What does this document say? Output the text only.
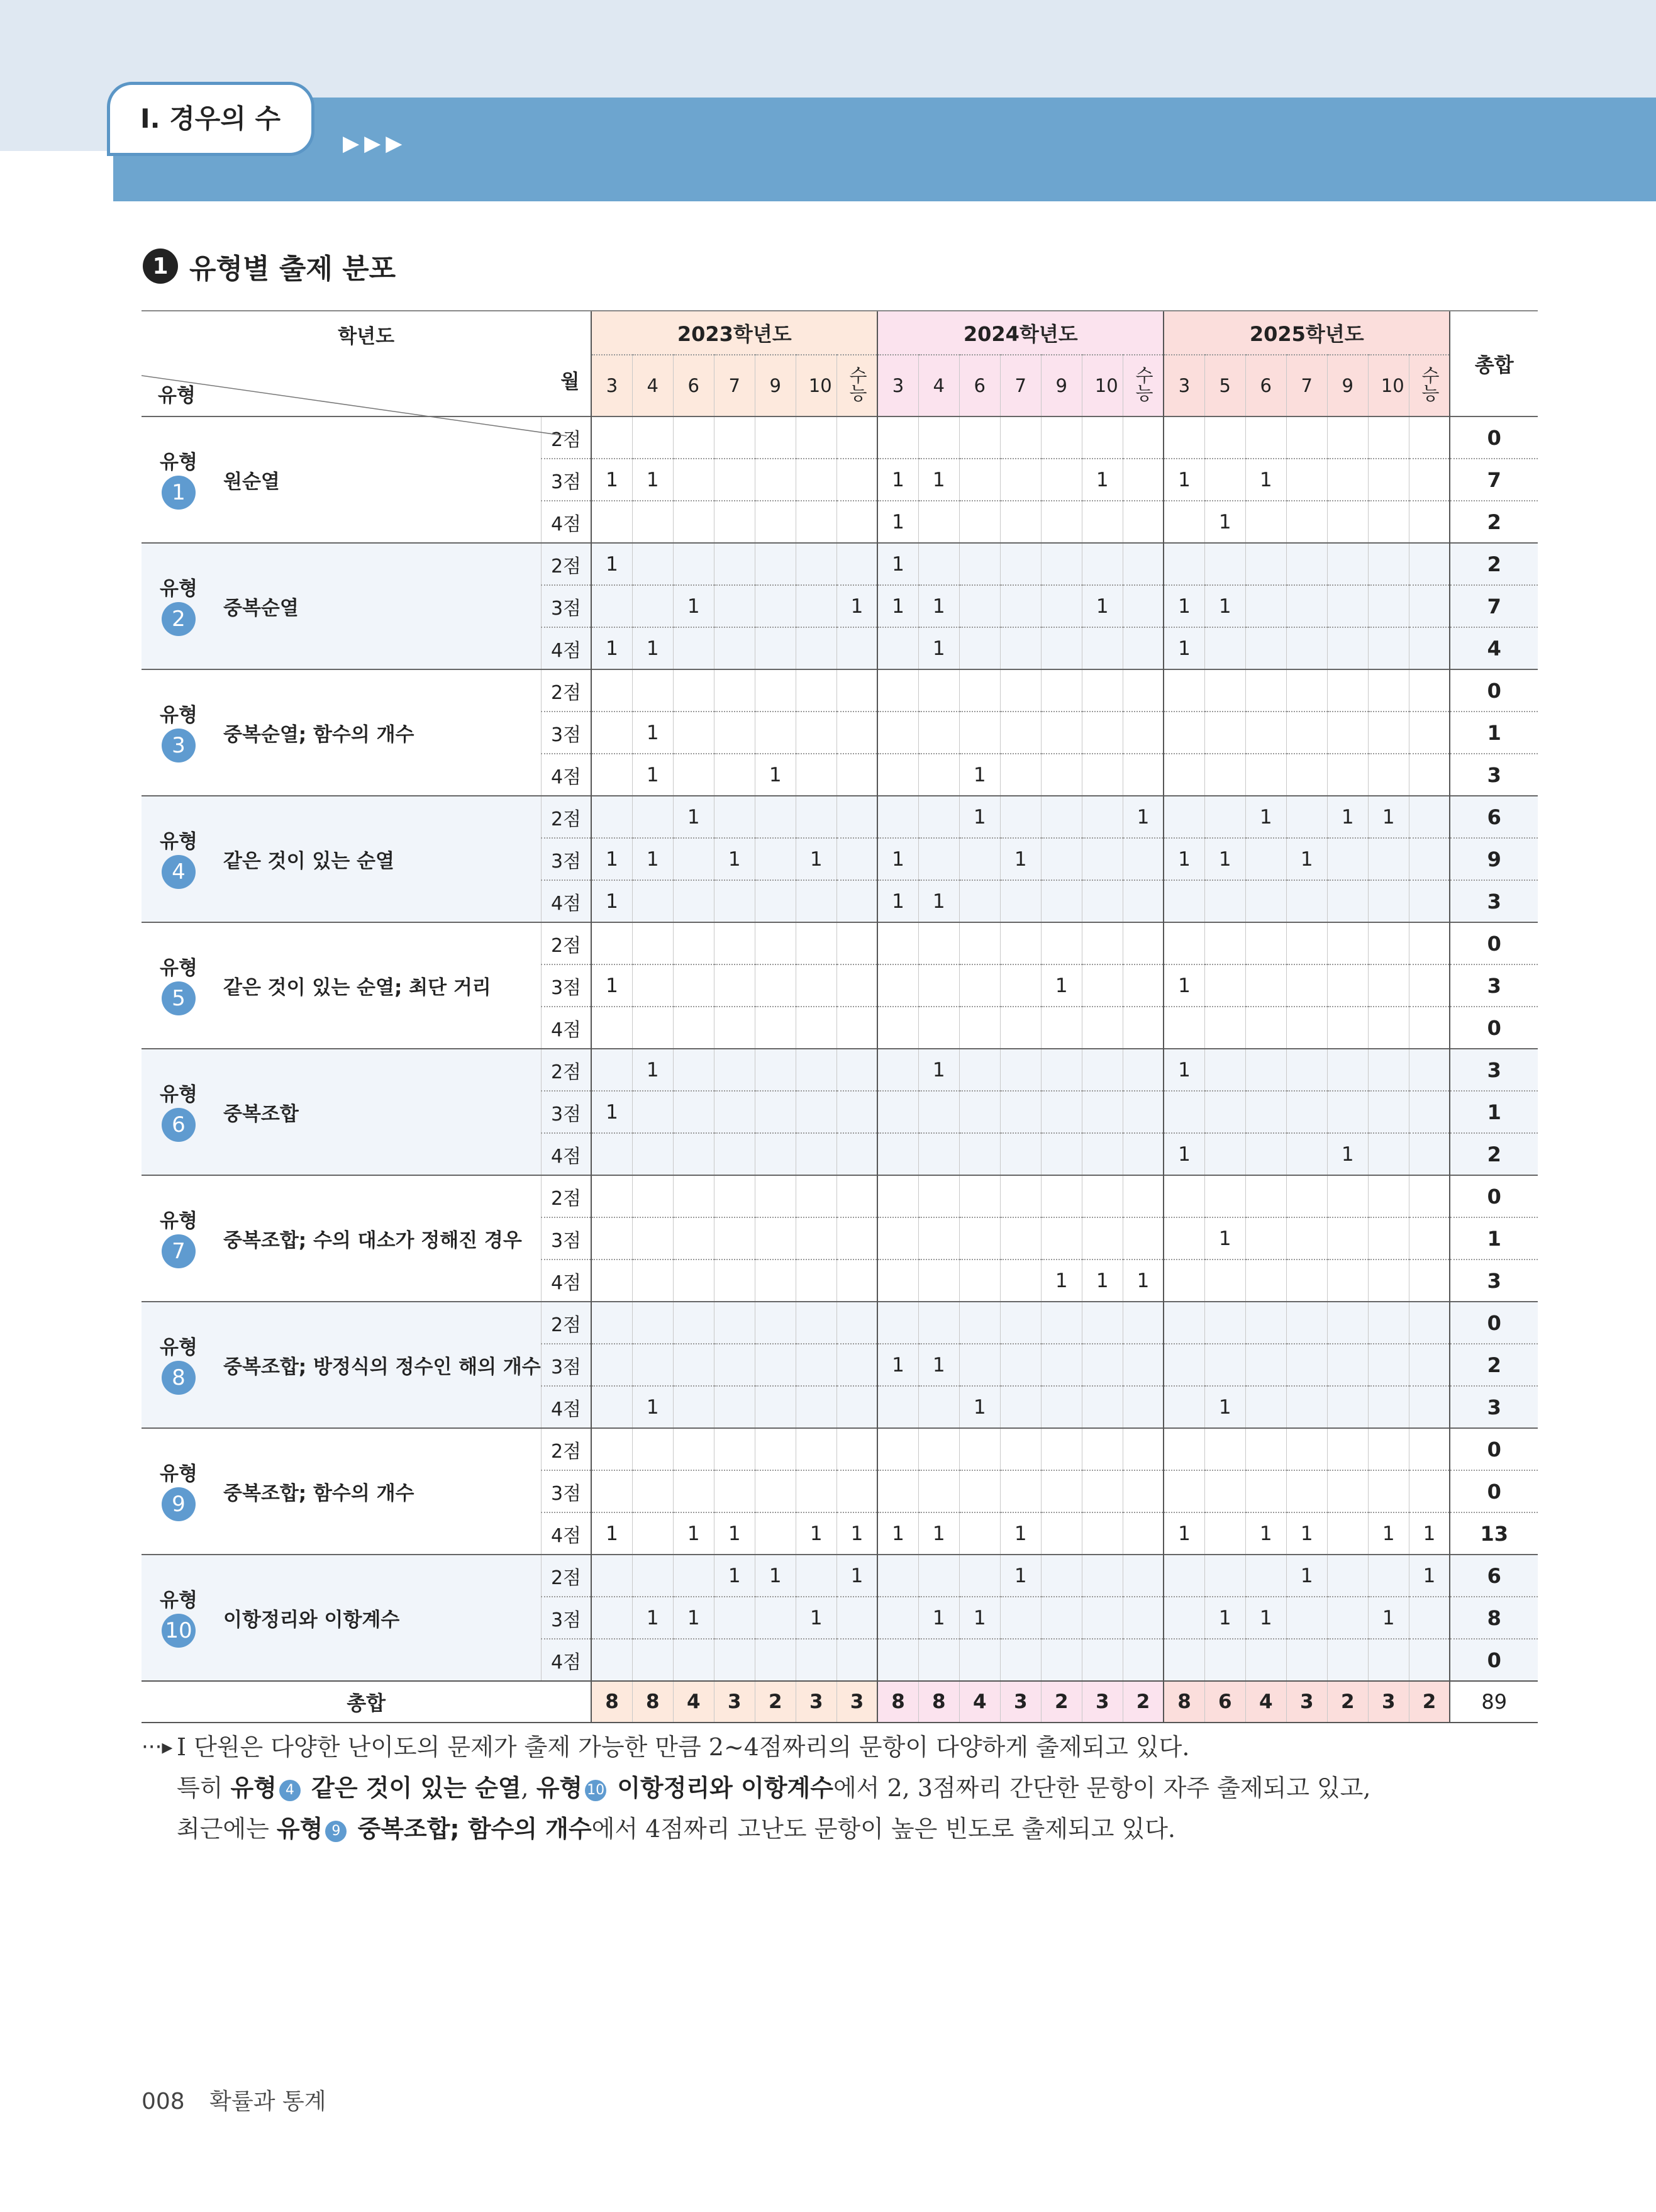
Ⅰ. 경우의 수
▶▶▶
1 유형별 출제 분포
학년도
유형
월		2023학년도							2024학년도							2025학년도							총합
		3	4	6	7	9	10	수능	3	4	6	7	9	10	수능	3	5	6	7	9	10	수능	

유형
1 원순열	2점																						0
	3점	1	1						1	1				1		1		1					7
	4점								1								1						2

유형
2 중복순열	2점	1							1														2
	3점			1				1	1	1				1		1	1						7
	4점	1	1							1						1							4

유형
3 중복순열; 함수의 개수	2점																						0
	3점		1																				1
	4점		1			1					1												3

유형
4 같은 것이 있는 순열	2점			1							1				1			1		1	1		6
	3점	1	1		1		1		1			1				1	1		1				9
	4점	1							1	1													3

유형
5 같은 것이 있는 순열; 최단 거리	2점																						0
	3점	1											1			1							3
	4점																						0

유형
6 중복조합	2점		1							1						1							3
	3점	1																					1
	4점															1				1			2

유형
7 중복조합; 수의 대소가 정해진 경우	2점																						0
	3점																1						1
	4점												1	1	1								3

유형
8 중복조합; 방정식의 정수인 해의 개수	2점																						0
	3점								1	1													2
	4점		1								1						1						3

유형
9 중복조합; 함수의 개수	2점																						0
	3점																						0
	4점	1		1	1		1	1	1	1		1				1		1	1		1	1	13

유형
10 이항정리와 이항계수	2점				1	1		1				1							1			1	6
	3점		1	1			1			1	1						1	1			1		8
	4점																						0
총합		8	8	4	3	2	3	3	8	8	4	3	2	3	2	8	6	4	3	2	3	2	89
···▸ Ⅰ 단원은 다양한 난이도의 문제가 출제 가능한 만큼 2~4점짜리의 문항이 다양하게 출제되고 있다.
특히 유형 4 같은 것이 있는 순열, 유형 10 이항정리와 이항계수에서 2, 3점짜리 간단한 문항이 자주 출제되고 있고,
최근에는 유형 9 중복조합; 함수의 개수에서 4점짜리 고난도 문항이 높은 빈도로 출제되고 있다.
008 확률과 통계
